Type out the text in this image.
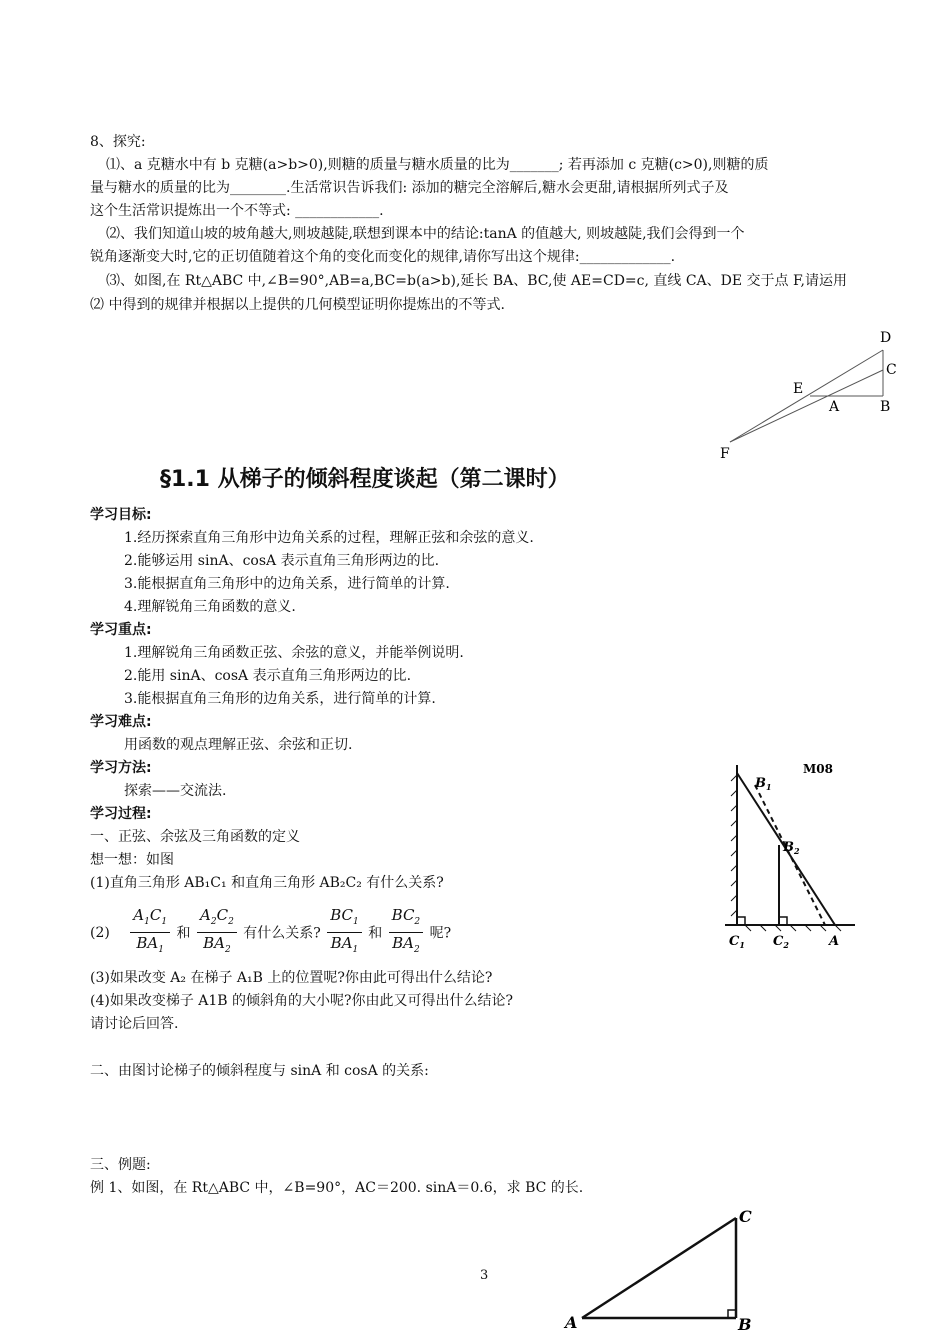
8、探究:
⑴、a 克糖水中有 b 克糖(a>b>0),则糖的质量与糖水质量的比为_______; 若再添加 c 克糖(c>0),则糖的质
量与糖水的质量的比为________.生活常识告诉我们: 添加的糖完全溶解后,糖水会更甜,请根据所列式子及
这个生活常识提炼出一个不等式: ____________.
⑵、我们知道山坡的坡角越大,则坡越陡,联想到课本中的结论:tanA 的值越大, 则坡越陡,我们会得到一个
锐角逐渐变大时,它的正切值随着这个角的变化而变化的规律,请你写出这个规律:_____________.
⑶、如图,在 Rt△ABC 中,∠B=90°,AB=a,BC=b(a>b),延长 BA、BC,使 AE=CD=c, 直线 CA、DE 交于点 F,请运用
⑵ 中得到的规律并根据以上提供的几何模型证明你提炼出的不等式.
D
C
E
A	B
F
§1.1 从梯子的倾斜程度谈起（第二课时）
学习目标:
1.经历探索直角三角形中边角关系的过程，理解正弦和余弦的意义.
2.能够运用 sinA、cosA 表示直角三角形两边的比.
3.能根据直角三角形中的边角关系，进行简单的计算.
4.理解锐角三角函数的意义.
学习重点:
1.理解锐角三角函数正弦、余弦的意义，并能举例说明.
2.能用 sinA、cosA 表示直角三角形两边的比.
3.能根据直角三角形的边角关系，进行简单的计算.
学习难点:
用函数的观点理解正弦、余弦和正切.
学习方法:
探索——交流法.
学习过程:
一、正弦、余弦及三角函数的定义
想一想：如图
(1)直角三角形 AB₁C₁ 和直角三角形 AB₂C₂ 有什么关系?
$(2) \frac{A_1C_1}{BA_1}$ 和 $\frac{A_2C_2}{BA_2}$ 有什么关系? $\frac{BC_1}{BA_1}$ 和 $\frac{BC_2}{BA_2}$ 呢?
(3)如果改变 A₂ 在梯子 A₁B 上的位置呢?你由此可得出什么结论?
(4)如果改变梯子 A1B 的倾斜角的大小呢?你由此又可得出什么结论?
请讨论后回答.
二、由图讨论梯子的倾斜程度与 sinA 和 cosA 的关系:
三、例题:
例 1、如图，在 Rt△ABC 中，∠B=90°，AC＝200. sinA＝0.6，求 BC 的长.
M08
$B_1$
$B_2$
$C_1$ $C_2$	A
C
A	B
3
